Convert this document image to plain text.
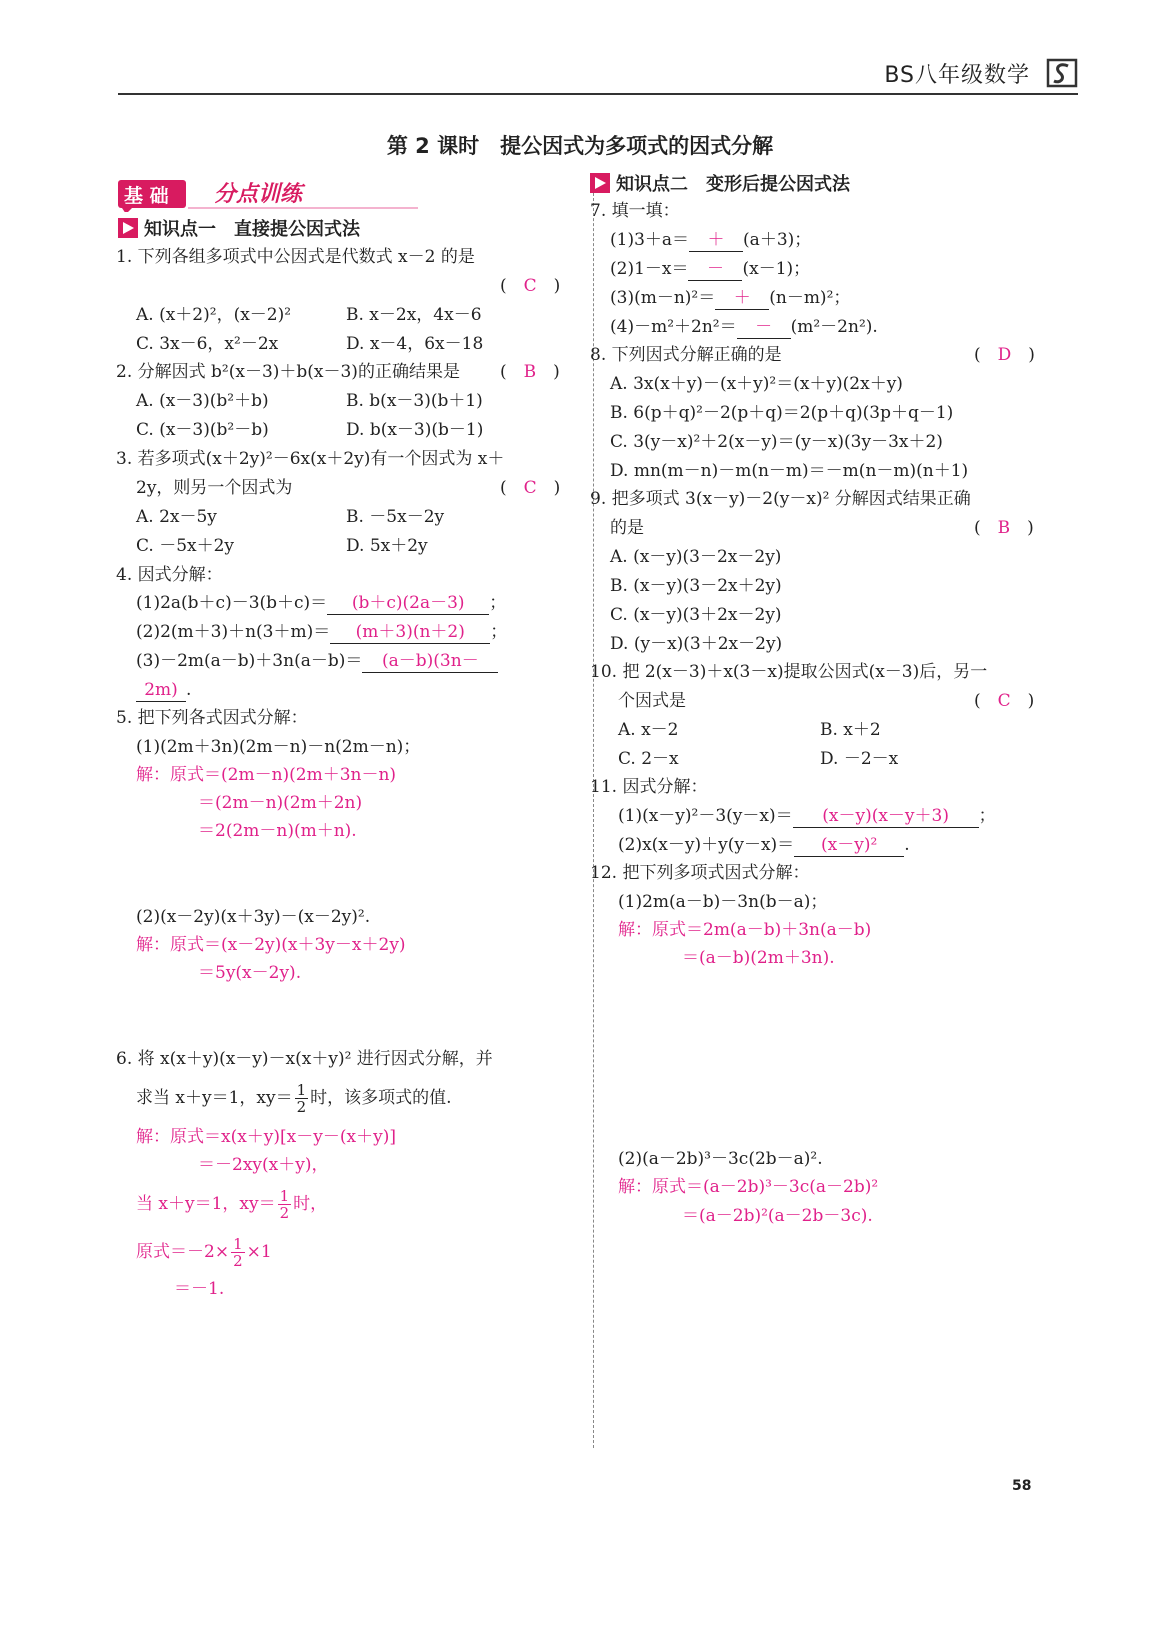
BS八年级数学
第 2 课时　提公因式为多项式的因式分解
基 础	分点训练
知识点一　直接提公因式法
知识点二　变形后提公因式法
1. 下列各组多项式中公因式是代数式 x－2 的是
(　C　)
A. (x＋2)²，(x－2)²	B. x－2x，4x－6
C. 3x－6，x²－2x	D. x－4，6x－18
2. 分解因式 b²(x－3)＋b(x－3)的正确结果是 (　B　)
A. (x－3)(b²＋b)	B. b(x－3)(b＋1)
C. (x－3)(b²－b)	D. b(x－3)(b－1)
3. 若多项式(x＋2y)²－6x(x＋2y)有一个因式为 x＋
2y，则另一个因式为	(　C　)
A. 2x－5y	B. －5x－2y
C. －5x＋2y	D. 5x＋2y
4. 因式分解：
(1)2a(b＋c)－3(b＋c)＝ (b＋c)(2a－3) ；
(2)2(m＋3)＋n(3＋m)＝ (m＋3)(n＋2) ；
(3)－2m(a－b)＋3n(a－b)＝ (a－b)(3n－
2m) .
5. 把下列各式因式分解：
(1)(2m＋3n)(2m－n)－n(2m－n)；
解：原式＝(2m－n)(2m＋3n－n)
＝(2m－n)(2m＋2n)
＝2(2m－n)(m＋n).
(2)(x－2y)(x＋3y)－(x－2y)².
解：原式＝(x－2y)(x＋3y－x＋2y)
＝5y(x－2y).
6. 将 x(x＋y)(x－y)－x(x＋y)² 进行因式分解，并
求当 x＋y＝1，$xy= \frac{1}{2}$ 时，该多项式的值.
解：原式＝x(x＋y)[x－y－(x＋y)]
＝－2xy(x＋y)，
当 x＋y＝1，$xy= \frac{1}{2}$ 时，
原式$=-2\times \frac{1}{2} \times 1$
＝－1.
7. 填一填：
(1)3＋a＝ ＋ (a＋3)；
(2)1－x＝ － (x－1)；
(3)(m－n)²＝ ＋ (n－m)²；
(4)－m²＋2n²＝ － (m²－2n²).
8. 下列因式分解正确的是	(　D　)
A. 3x(x＋y)－(x＋y)²＝(x＋y)(2x＋y)
B. 6(p＋q)²－2(p＋q)＝2(p＋q)(3p＋q－1)
C. 3(y－x)²＋2(x－y)＝(y－x)(3y－3x＋2)
D. mn(m－n)－m(n－m)＝－m(n－m)(n＋1)
9. 把多项式 3(x－y)－2(y－x)² 分解因式结果正确
的是	(　B　)
A. (x－y)(3－2x－2y)
B. (x－y)(3－2x＋2y)
C. (x－y)(3＋2x－2y)
D. (y－x)(3＋2x－2y)
10. 把 2(x－3)＋x(3－x)提取公因式(x－3)后，另一
个因式是	(　C　)
A. x－2	B. x＋2
C. 2－x	D. －2－x
11. 因式分解：
(1)(x－y)²－3(y－x)＝ (x－y)(x－y＋3) ；
(2)x(x－y)＋y(y－x)＝ (x－y)² .
12. 把下列多项式因式分解：
(1)2m(a－b)－3n(b－a)；
解：原式＝2m(a－b)＋3n(a－b)
＝(a－b)(2m＋3n).
(2)(a－2b)³－3c(2b－a)².
解：原式＝(a－2b)³－3c(a－2b)²
＝(a－2b)²(a－2b－3c).
58
